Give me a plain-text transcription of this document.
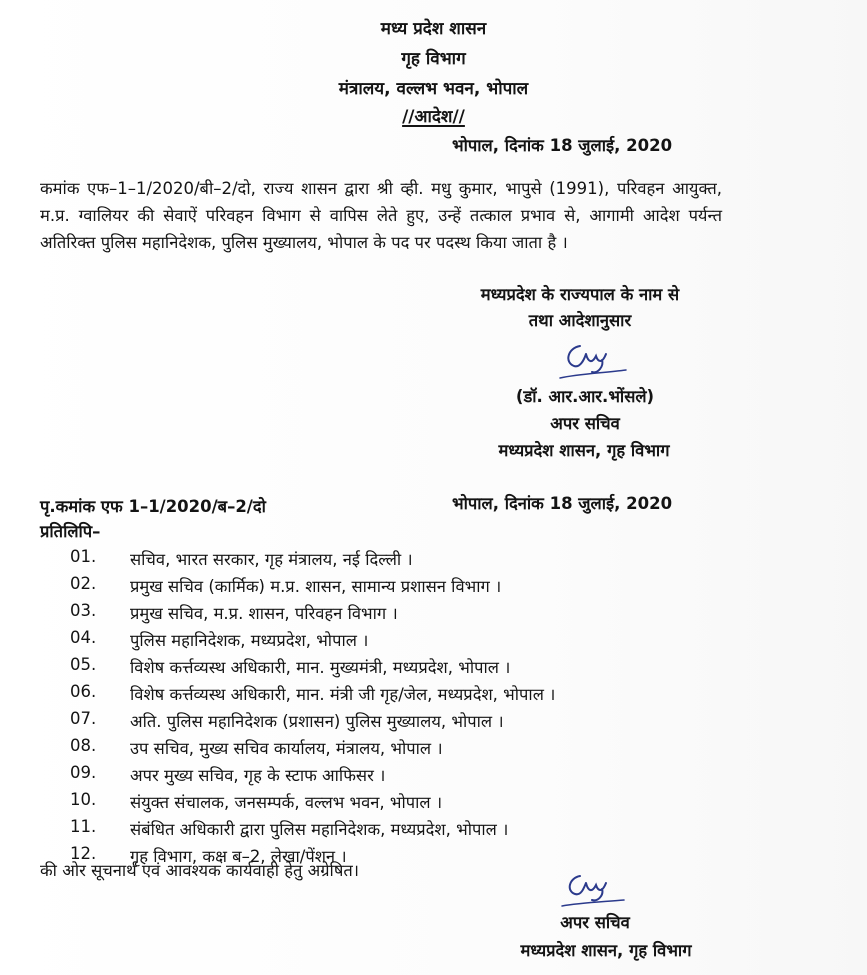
मध्य प्रदेश शासन
गृह विभाग
मंत्रालय, वल्लभ भवन, भोपाल
//आदेश//
भोपाल, दिनांक 18 जुलाई, 2020
कमांक एफ–1–1/2020/बी–2/दो, राज्य शासन द्वारा श्री व्ही. मधु कुमार, भापुसे (1991), परिवहन आयुक्त, म.प्र. ग्वालियर की सेवाऐं परिवहन विभाग से वापिस लेते हुए, उन्हें तत्काल प्रभाव से, आगामी आदेश पर्यन्त अतिरिक्त पुलिस महानिदेशक, पुलिस मुख्यालय, भोपाल के पद पर पदस्थ किया जाता है ।
मध्यप्रदेश के राज्यपाल के नाम से
तथा आदेशानुसार
(डॉ. आर.आर.भोंसले)
अपर सचिव
मध्यप्रदेश शासन, गृह विभाग
पृ.कमांक एफ 1–1/2020/ब–2/दो	भोपाल, दिनांक 18 जुलाई, 2020
प्रतिलिपि–
01. सचिव, भारत सरकार, गृह मंत्रालय, नई दिल्ली ।
02. प्रमुख सचिव (कार्मिक) म.प्र. शासन, सामान्य प्रशासन विभाग ।
03. प्रमुख सचिव, म.प्र. शासन, परिवहन विभाग ।
04. पुलिस महानिदेशक, मध्यप्रदेश, भोपाल ।
05. विशेष कर्त्तव्यस्थ अधिकारी, मान. मुख्यमंत्री, मध्यप्रदेश, भोपाल ।
06. विशेष कर्त्तव्यस्थ अधिकारी, मान. मंत्री जी गृह/जेल, मध्यप्रदेश, भोपाल ।
07. अति. पुलिस महानिदेशक (प्रशासन) पुलिस मुख्यालय, भोपाल ।
08. उप सचिव, मुख्य सचिव कार्यालय, मंत्रालय, भोपाल ।
09. अपर मुख्य सचिव, गृह के स्टाफ आफिसर ।
10. संयुक्त संचालक, जनसम्पर्क, वल्लभ भवन, भोपाल ।
11. संबंधित अधिकारी द्वारा पुलिस महानिदेशक, मध्यप्रदेश, भोपाल ।
12. गृह विभाग, कक्ष ब–2, लेखा/पेंशन ।
की ओर सूचनार्थ एवं आवश्यक कार्यवाही हेतु अग्रेषित।
अपर सचिव
मध्यप्रदेश शासन, गृह विभाग
